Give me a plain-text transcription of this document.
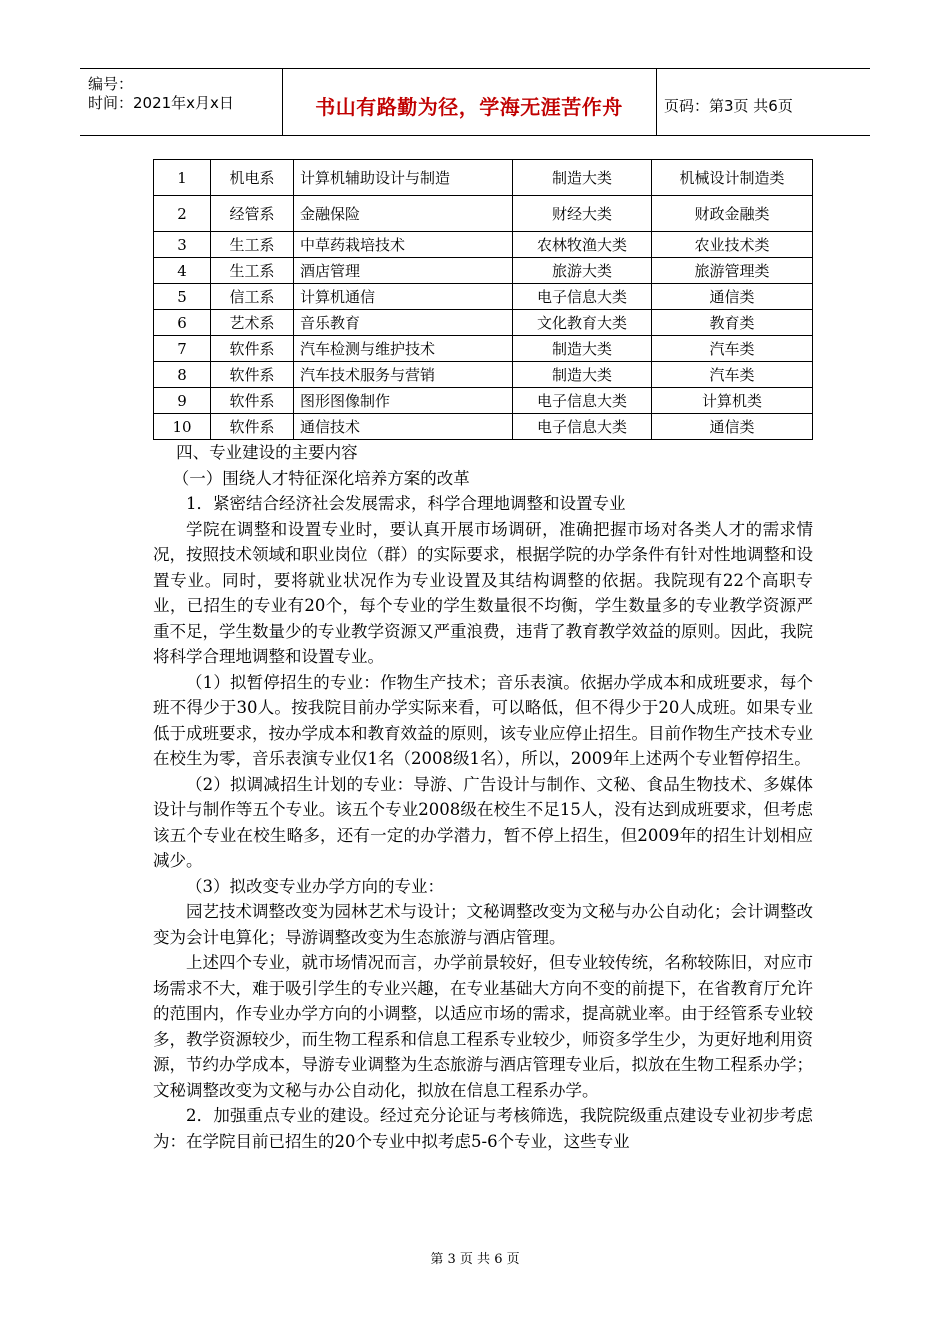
编号：
时间：2021年x月x日	书山有路勤为径，学海无涯苦作舟	页码：第3页 共6页
1	机电系	计算机辅助设计与制造	制造大类	机械设计制造类
2	经管系	金融保险	财经大类	财政金融类
3	生工系	中草药栽培技术	农林牧渔大类	农业技术类
4	生工系	酒店管理	旅游大类	旅游管理类
5	信工系	计算机通信	电子信息大类	通信类
6	艺术系	音乐教育	文化教育大类	教育类
7	软件系	汽车检测与维护技术	制造大类	汽车类
8	软件系	汽车技术服务与营销	制造大类	汽车类
9	软件系	图形图像制作	电子信息大类	计算机类
10	软件系	通信技术	电子信息大类	通信类

四、专业建设的主要内容

（一）围绕人才特征深化培养方案的改革

1．紧密结合经济社会发展需求，科学合理地调整和设置专业

学院在调整和设置专业时，要认真开展市场调研，准确把握市场对各类人才的需求情况，按照技术领域和职业岗位（群）的实际要求，根据学院的办学条件有针对性地调整和设置专业。同时，要将就业状况作为专业设置及其结构调整的依据。我院现有22个高职专业，已招生的专业有20个，每个专业的学生数量很不均衡，学生数量多的专业教学资源严重不足，学生数量少的专业教学资源又严重浪费，违背了教育教学效益的原则。因此，我院将科学合理地调整和设置专业。

（1）拟暂停招生的专业：作物生产技术；音乐表演。依据办学成本和成班要求，每个班不得少于30人。按我院目前办学实际来看，可以略低，但不得少于20人成班。如果专业低于成班要求，按办学成本和教育效益的原则，该专业应停止招生。目前作物生产技术专业在校生为零，音乐表演专业仅1名（2008级1名），所以，2009年上述两个专业暂停招生。

（2）拟调减招生计划的专业：导游、广告设计与制作、文秘、食品生物技术、多媒体设计与制作等五个专业。该五个专业2008级在校生不足15人，没有达到成班要求，但考虑该五个专业在校生略多，还有一定的办学潜力，暂不停上招生，但2009年的招生计划相应减少。

（3）拟改变专业办学方向的专业：

园艺技术调整改变为园林艺术与设计；文秘调整改变为文秘与办公自动化；会计调整改变为会计电算化；导游调整改变为生态旅游与酒店管理。

上述四个专业，就市场情况而言，办学前景较好，但专业较传统，名称较陈旧，对应市场需求不大，难于吸引学生的专业兴趣，在专业基础大方向不变的前提下，在省教育厅允许的范围内，作专业办学方向的小调整，以适应市场的需求，提高就业率。由于经管系专业较多，教学资源较少，而生物工程系和信息工程系专业较少，师资多学生少，为更好地利用资源，节约办学成本，导游专业调整为生态旅游与酒店管理专业后，拟放在生物工程系办学；文秘调整改变为文秘与办公自动化，拟放在信息工程系办学。

2．加强重点专业的建设。经过充分论证与考核筛选，我院院级重点建设专业初步考虑为：在学院目前已招生的20个专业中拟考虑5-6个专业，这些专业

第 3 页 共 6 页
